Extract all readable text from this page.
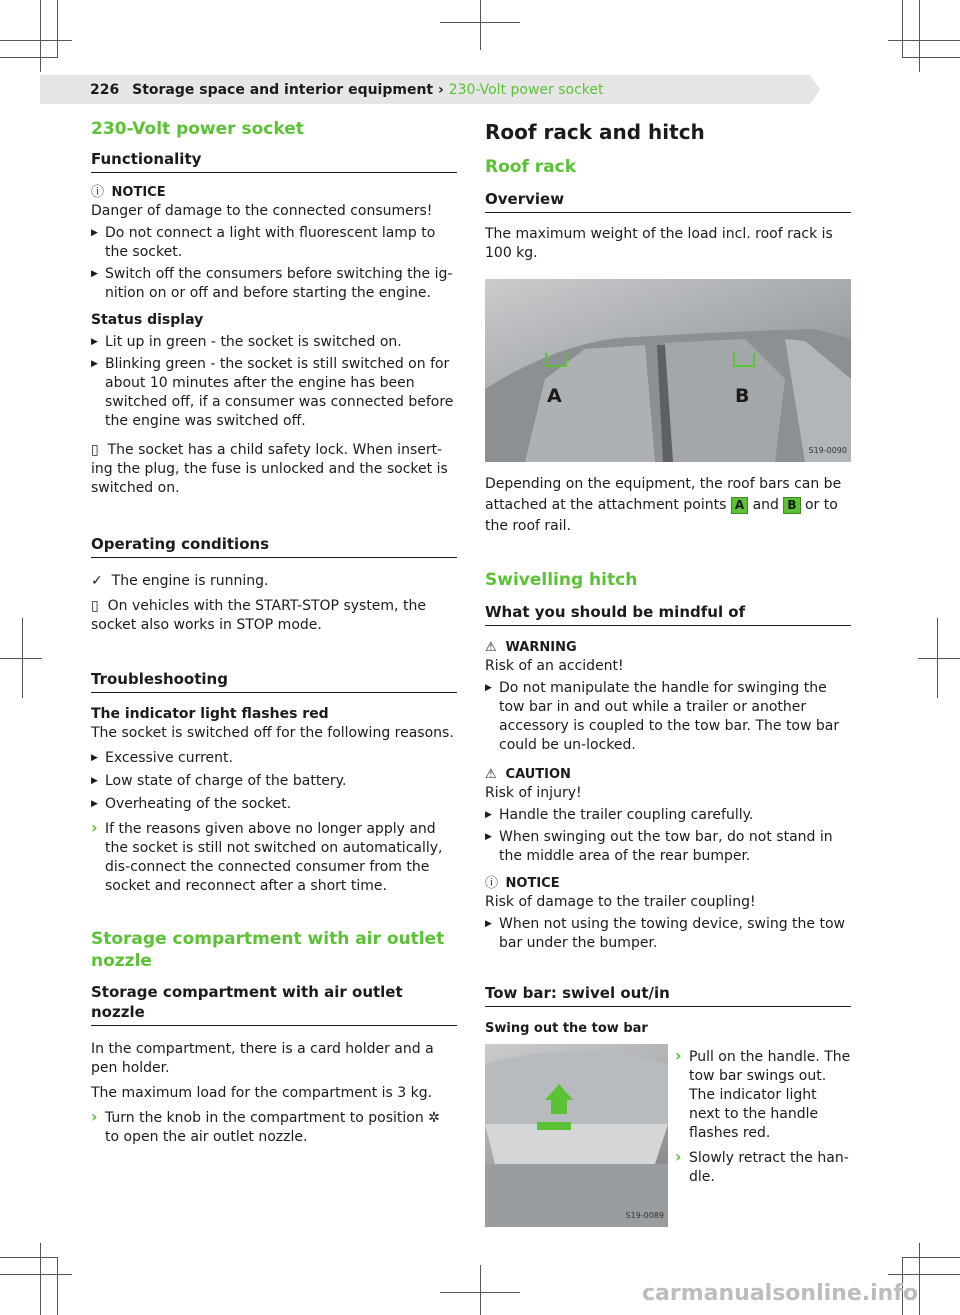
226 Storage space and interior equipment › 230-Volt power socket
230-Volt power socket
Functionality
ⓘ NOTICE
Danger of damage to the connected consumers!
▶ Do not connect a light with fluorescent lamp to the socket.
▶ Switch off the consumers before switching the ig-nition on or off and before starting the engine.
Status display
▶ Lit up in green - the socket is switched on.
▶ Blinking green - the socket is still switched on for about 10 minutes after the engine has been switched off, if a consumer was connected before the engine was switched off.

▯  The socket has a child safety lock. When insert-ing the plug, the fuse is unlocked and the socket is switched on.

Operating conditions

✓  The engine is running.

▯  On vehicles with the START-STOP system, the socket also works in STOP mode.

Troubleshooting
The indicator light flashes red
The socket is switched off for the following reasons.
▶ Excessive current.
▶ Low state of charge of the battery.
▶ Overheating of the socket.
› If the reasons given above no longer apply and the socket is still not switched on automatically, dis-connect the connected consumer from the socket and reconnect after a short time.
Storage compartment with air outlet nozzle
Storage compartment with air outlet nozzle

In the compartment, there is a card holder and a pen holder.

The maximum load for the compartment is 3 kg.

› Turn the knob in the compartment to position ✲ to open the air outlet nozzle.
Roof rack and hitch
Roof rack
Overview

The maximum weight of the load incl. roof rack is 100 kg.

A	B
S19-0090

Depending on the equipment, the roof bars can be attached at the attachment points A and B or to the roof rail.

Swivelling hitch
What you should be mindful of
⚠ WARNING
Risk of an accident!
▶ Do not manipulate the handle for swinging the tow bar in and out while a trailer or another accessory is coupled to the tow bar. The tow bar could be un-locked.
⚠ CAUTION
Risk of injury!
▶ Handle the trailer coupling carefully.
▶ When swinging out the tow bar, do not stand in the middle area of the rear bumper.
ⓘ NOTICE
Risk of damage to the trailer coupling!
▶ When not using the towing device, swing the tow bar under the bumper.
Tow bar: swivel out/in
Swing out the tow bar
S19-0089
› Pull on the handle. The tow bar swings out. The indicator light next to the handle flashes red.
› Slowly retract the han-dle.
carmanualsonline.info
